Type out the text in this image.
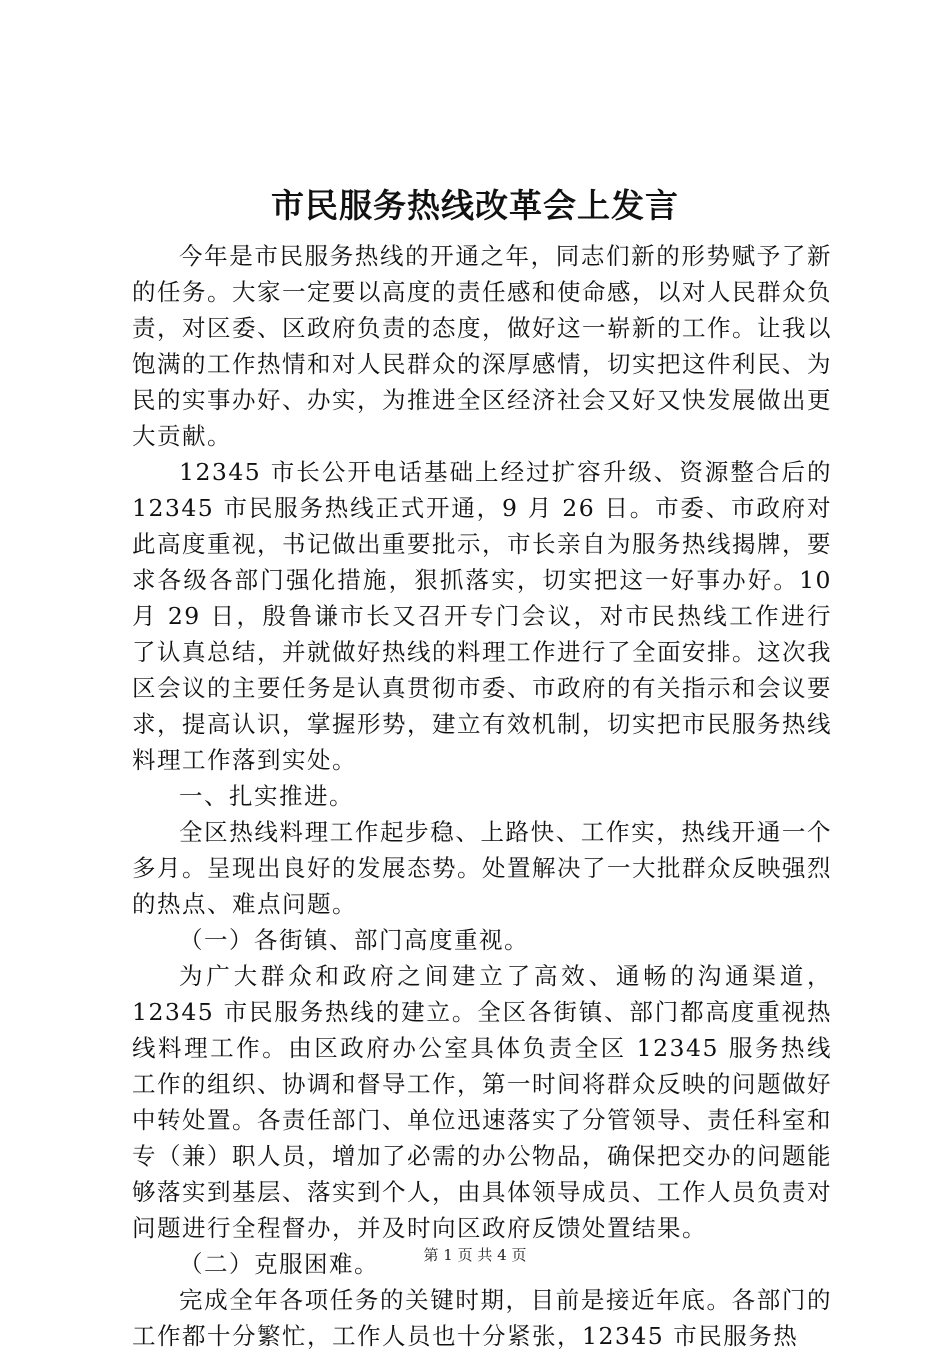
市民服务热线改革会上发言

今年是市民服务热线的开通之年，同志们新的形势赋予了新的任务。大家一定要以高度的责任感和使命感，以对人民群众负责，对区委、区政府负责的态度，做好这一崭新的工作。让我以饱满的工作热情和对人民群众的深厚感情，切实把这件利民、为民的实事办好、办实，为推进全区经济社会又好又快发展做出更大贡献。

12345 市长公开电话基础上经过扩容升级、资源整合后的12345 市民服务热线正式开通，9 月 26 日。市委、市政府对此高度重视，书记做出重要批示，市长亲自为服务热线揭牌，要求各级各部门强化措施，狠抓落实，切实把这一好事办好。10 月 29 日，殷鲁谦市长又召开专门会议，对市民热线工作进行了认真总结，并就做好热线的料理工作进行了全面安排。这次我区会议的主要任务是认真贯彻市委、市政府的有关指示和会议要求，提高认识，掌握形势，建立有效机制，切实把市民服务热线料理工作落到实处。

一、扎实推进。

全区热线料理工作起步稳、上路快、工作实，热线开通一个多月。呈现出良好的发展态势。处置解决了一大批群众反映强烈的热点、难点问题。

（一）各街镇、部门高度重视。

为广大群众和政府之间建立了高效、通畅的沟通渠道，12345 市民服务热线的建立。全区各街镇、部门都高度重视热线料理工作。由区政府办公室具体负责全区 12345 服务热线工作的组织、协调和督导工作，第一时间将群众反映的问题做好中转处置。各责任部门、单位迅速落实了分管领导、责任科室和专（兼）职人员，增加了必需的办公物品，确保把交办的问题能够落实到基层、落实到个人，由具体领导成员、工作人员负责对问题进行全程督办，并及时向区政府反馈处置结果。

（二）克服困难。

完成全年各项任务的关键时期，目前是接近年底。各部门的工作都十分繁忙，工作人员也十分紧张，12345 市民服务热

第 1 页 共 4 页
